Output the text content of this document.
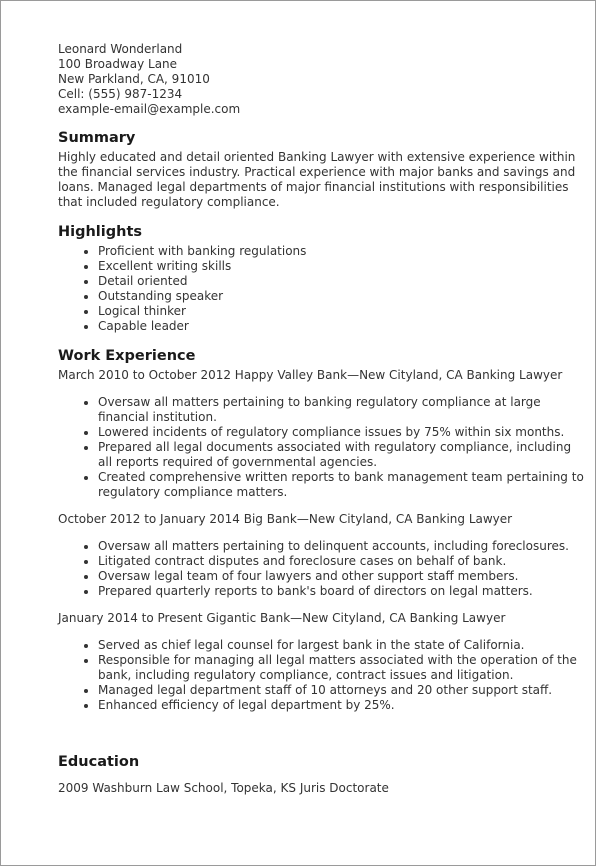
Leonard Wonderland
100 Broadway Lane
New Parkland, CA, 91010
Cell: (555) 987-1234
example-email@example.com
Summary

Highly educated and detail oriented Banking Lawyer with extensive experience within the financial services industry. Practical experience with major banks and savings and loans. Managed legal departments of major financial institutions with responsibilities that included regulatory compliance.

Highlights
• Proficient with banking regulations
• Excellent writing skills
• Detail oriented
• Outstanding speaker
• Logical thinker
• Capable leader
Work Experience
March 2010 to October 2012 Happy Valley Bank—New Cityland, CA Banking Lawyer
• Oversaw all matters pertaining to banking regulatory compliance at large financial institution.
• Lowered incidents of regulatory compliance issues by 75% within six months.
• Prepared all legal documents associated with regulatory compliance, including all reports required of governmental agencies.
• Created comprehensive written reports to bank management team pertaining to regulatory compliance matters.
October 2012 to January 2014 Big Bank—New Cityland, CA Banking Lawyer
• Oversaw all matters pertaining to delinquent accounts, including foreclosures.
• Litigated contract disputes and foreclosure cases on behalf of bank.
• Oversaw legal team of four lawyers and other support staff members.
• Prepared quarterly reports to bank's board of directors on legal matters.
January 2014 to Present Gigantic Bank—New Cityland, CA Banking Lawyer
• Served as chief legal counsel for largest bank in the state of California.
• Responsible for managing all legal matters associated with the operation of the bank, including regulatory compliance, contract issues and litigation.
• Managed legal department staff of 10 attorneys and 20 other support staff.
• Enhanced efficiency of legal department by 25%.
Education
2009 Washburn Law School, Topeka, KS Juris Doctorate
